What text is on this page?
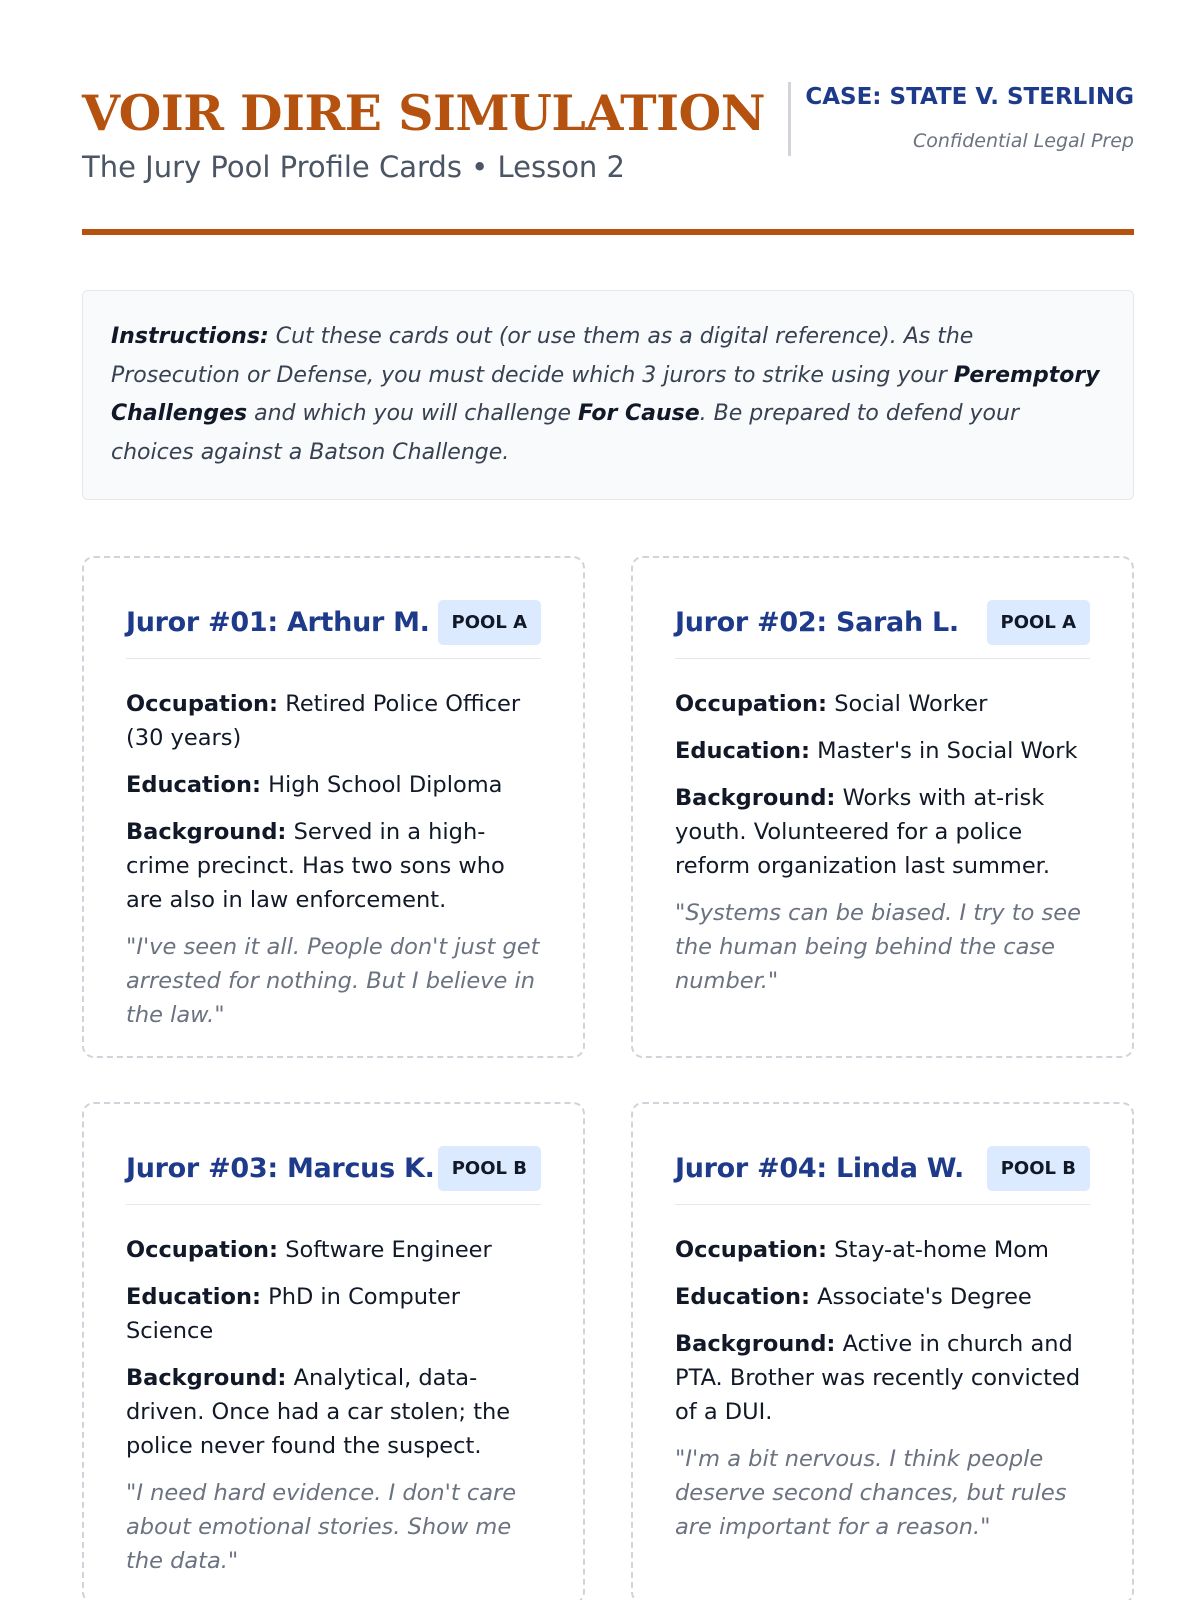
VOIR DIRE SIMULATION
The Jury Pool Profile Cards • Lesson 2
CASE: STATE V. STERLING
Confidential Legal Prep
Instructions: Cut these cards out (or use them as a digital reference). As the Prosecution or Defense, you must decide which 3 jurors to strike using your Peremptory Challenges and which you will challenge For Cause. Be prepared to defend your choices against a Batson Challenge.
Juror #01: Arthur M.	POOL A
Occupation: Retired Police Officer (30 years)
Education: High School Diploma
Background: Served in a high-crime precinct. Has two sons who are also in law enforcement.
"I've seen it all. People don't just get arrested for nothing. But I believe in the law."
Juror #02: Sarah L.	POOL A
Occupation: Social Worker
Education: Master's in Social Work
Background: Works with at-risk youth. Volunteered for a police reform organization last summer.
"Systems can be biased. I try to see the human being behind the case number."
Juror #03: Marcus K. POOL B
Occupation: Software Engineer
Education: PhD in Computer Science
Background: Analytical, data-driven. Once had a car stolen; the police never found the suspect.
"I need hard evidence. I don't care about emotional stories. Show me the data."
Juror #04: Linda W.	POOL B
Occupation: Stay-at-home Mom
Education: Associate's Degree
Background: Active in church and PTA. Brother was recently convicted of a DUI.
"I'm a bit nervous. I think people deserve second chances, but rules are important for a reason."
